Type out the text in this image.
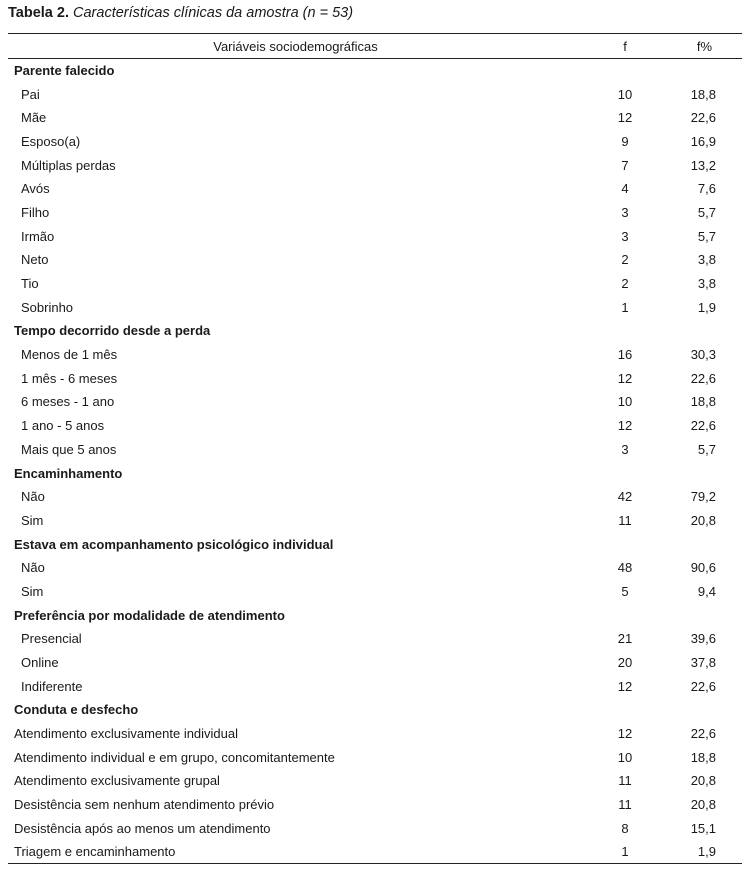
Tabela 2. Características clínicas da amostra (n = 53)
Variáveis sociodemográficas	f	f%
Parente falecido		
Pai	10	18,8
Mãe	12	22,6
Esposo(a)	9	16,9
Múltiplas perdas	7	13,2
Avós	4	7,6
Filho	3	5,7
Irmão	3	5,7
Neto	2	3,8
Tio	2	3,8
Sobrinho	1	1,9
Tempo decorrido desde a perda		
Menos de 1 mês	16	30,3
1 mês - 6 meses	12	22,6
6 meses - 1 ano	10	18,8
1 ano - 5 anos	12	22,6
Mais que 5 anos	3	5,7
Encaminhamento		
Não	42	79,2
Sim	11	20,8
Estava em acompanhamento psicológico individual		
Não	48	90,6
Sim	5	9,4
Preferência por modalidade de atendimento		
Presencial	21	39,6
Online	20	37,8
Indiferente	12	22,6
Conduta e desfecho		
Atendimento exclusivamente individual	12	22,6
Atendimento individual e em grupo, concomitantemente	10	18,8
Atendimento exclusivamente grupal	11	20,8
Desistência sem nenhum atendimento prévio	11	20,8
Desistência após ao menos um atendimento	8	15,1
Triagem e encaminhamento	1	1,9
